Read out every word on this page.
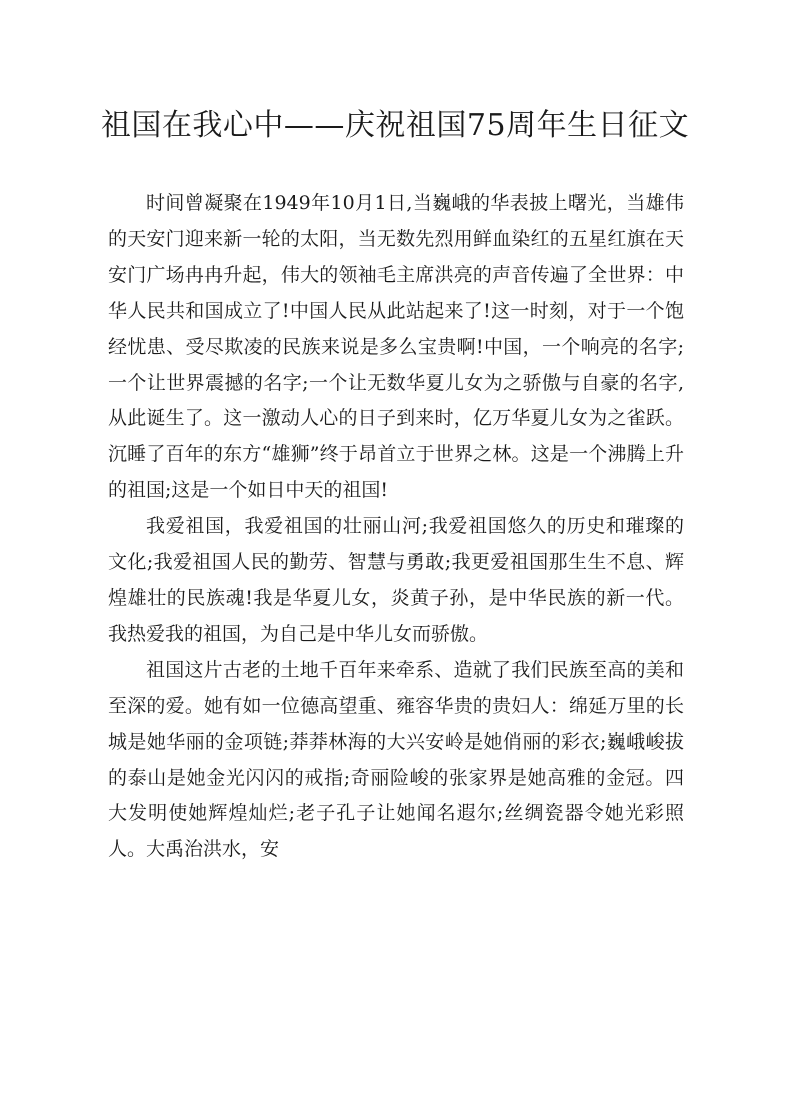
祖国在我心中——庆祝祖国75周年生日征文

时间曾凝聚在1949年10月1日,当巍峨的华表披上曙光，当雄伟的天安门迎来新一轮的太阳，当无数先烈用鲜血染红的五星红旗在天安门广场冉冉升起，伟大的领袖毛主席洪亮的声音传遍了全世界：中华人民共和国成立了!中国人民从此站起来了!这一时刻，对于一个饱经忧患、受尽欺凌的民族来说是多么宝贵啊!中国，一个响亮的名字;一个让世界震撼的名字;一个让无数华夏儿女为之骄傲与自豪的名字,从此诞生了。这一激动人心的日子到来时，亿万华夏儿女为之雀跃。沉睡了百年的东方“雄狮”终于昂首立于世界之林。这是一个沸腾上升的祖国;这是一个如日中天的祖国!

我爱祖国，我爱祖国的壮丽山河;我爱祖国悠久的历史和璀璨的文化;我爱祖国人民的勤劳、智慧与勇敢;我更爱祖国那生生不息、辉煌雄壮的民族魂!我是华夏儿女，炎黄子孙，是中华民族的新一代。我热爱我的祖国，为自己是中华儿女而骄傲。

祖国这片古老的土地千百年来牵系、造就了我们民族至高的美和至深的爱。她有如一位德高望重、雍容华贵的贵妇人：绵延万里的长城是她华丽的金项链;莽莽林海的大兴安岭是她俏丽的彩衣;巍峨峻拔的泰山是她金光闪闪的戒指;奇丽险峻的张家界是她高雅的金冠。四大发明使她辉煌灿烂;老子孔子让她闻名遐尔;丝绸瓷器令她光彩照人。大禹治洪水，安
